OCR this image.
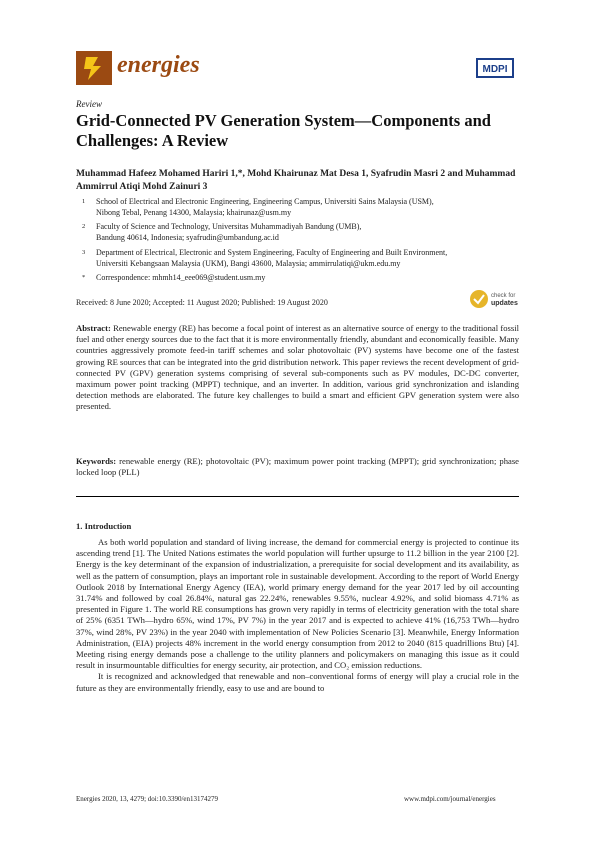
energies	MDPI
Review
Grid-Connected PV Generation System—Components and Challenges: A Review
Muhammad Hafeez Mohamed Hariri 1,*, Mohd Khairunaz Mat Desa 1, Syafrudin Masri 2 and Muhammad Ammirrul Atiqi Mohd Zainuri 3
1 School of Electrical and Electronic Engineering, Engineering Campus, Universiti Sains Malaysia (USM),
Nibong Tebal, Penang 14300, Malaysia; khairunaz@usm.my
2 Faculty of Science and Technology, Universitas Muhammadiyah Bandung (UMB),
Bandung 40614, Indonesia; syafrudin@umbandung.ac.id
3 Department of Electrical, Electronic and System Engineering, Faculty of Engineering and Built Environment,
Universiti Kebangsaan Malaysia (UKM), Bangi 43600, Malaysia; ammirrulatiqi@ukm.edu.my
* Correspondence: mhmh14_eee069@student.usm.my
Received: 8 June 2020; Accepted: 11 August 2020; Published: 19 August 2020
check for
updates
Abstract: Renewable energy (RE) has become a focal point of interest as an alternative source of energy to the traditional fossil fuel and other energy sources due to the fact that it is more environmentally friendly, abundant and economically feasible. Many countries aggressively promote feed-in tariff schemes and solar photovoltaic (PV) systems have become one of the fastest growing RE sources that can be integrated into the grid distribution network. This paper reviews the recent development of grid-connected PV (GPV) generation systems comprising of several sub-components such as PV modules, DC-DC converter, maximum power point tracking (MPPT) technique, and an inverter. In addition, various grid synchronization and islanding detection methods are elaborated. The future key challenges to build a smart and efficient GPV generation system were also presented.
Keywords: renewable energy (RE); photovoltaic (PV); maximum power point tracking (MPPT); grid synchronization; phase locked loop (PLL)
1. Introduction

As both world population and standard of living increase, the demand for commercial energy is projected to continue its ascending trend [1]. The United Nations estimates the world population will further upsurge to 11.2 billion in the year 2100 [2]. Energy is the key determinant of the expansion of industrialization, a prerequisite for social development and its availability, as well as the pattern of consumption, plays an important role in sustainable development. According to the report of World Energy Outlook 2018 by International Energy Agency (IEA), world primary energy demand for the year 2017 led by oil accounting 31.74% and followed by coal 26.84%, natural gas 22.24%, renewables 9.55%, nuclear 4.92%, and solid biomass 4.71% as presented in Figure 1. The world RE consumptions has grown very rapidly in terms of electricity generation with the total share of 25% (6351 TWh—hydro 65%, wind 17%, PV 7%) in the year 2017 and is expected to achieve 41% (16,753 TWh—hydro 37%, wind 28%, PV 23%) in the year 2040 with implementation of New Policies Scenario [3]. Meanwhile, Energy Information Administration, (EIA) projects 48% increment in the world energy consumption from 2012 to 2040 (815 quadrillions Btu) [4]. Meeting rising energy demands pose a challenge to the utility planners and policymakers on managing this issue as it could result in insurmountable difficulties for energy security, air protection, and CO₂ emission reductions.

It is recognized and acknowledged that renewable and non–conventional forms of energy will play a crucial role in the future as they are environmentally friendly, easy to use and are bound to

Energies 2020, 13, 4279; doi:10.3390/en13174279	www.mdpi.com/journal/energies
